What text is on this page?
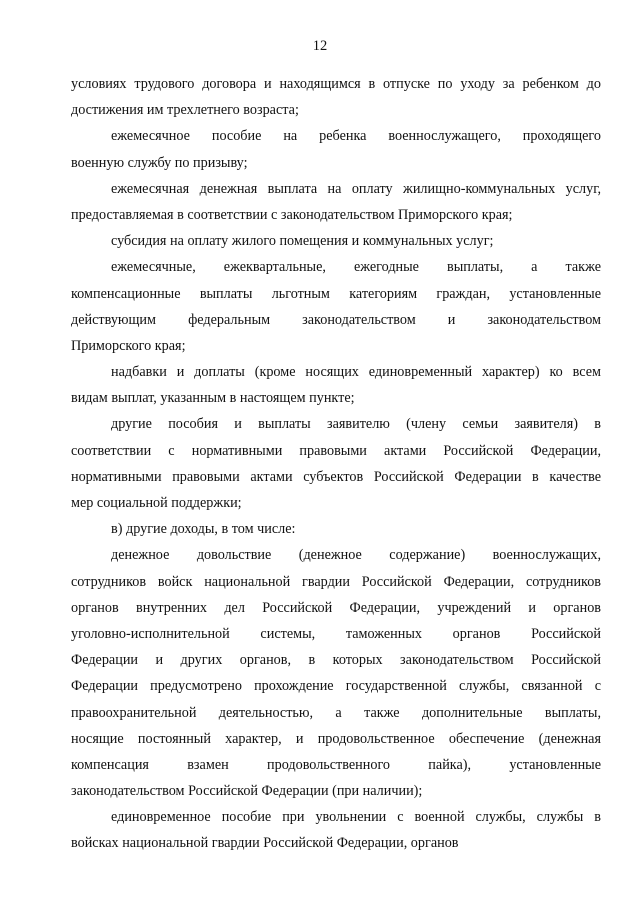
12
условиях трудового договора и находящимся в отпуске по уходу за ребенком до
достижения им трехлетнего возраста;
ежемесячное пособие на ребенка военнослужащего, проходящего
военную службу по призыву;
ежемесячная денежная выплата на оплату жилищно-коммунальных услуг,
предоставляемая в соответствии с законодательством Приморского края;
субсидия на оплату жилого помещения и коммунальных услуг;
ежемесячные, ежеквартальные, ежегодные выплаты, а также
компенсационные выплаты льготным категориям граждан, установленные
действующим федеральным законодательством и законодательством
Приморского края;
надбавки и доплаты (кроме носящих единовременный характер) ко всем
видам выплат, указанным в настоящем пункте;
другие пособия и выплаты заявителю (члену семьи заявителя) в
соответствии с нормативными правовыми актами Российской Федерации,
нормативными правовыми актами субъектов Российской Федерации в качестве
мер социальной поддержки;
в) другие доходы, в том числе:
денежное довольствие (денежное содержание) военнослужащих,
сотрудников войск национальной гвардии Российской Федерации, сотрудников
органов внутренних дел Российской Федерации, учреждений и органов
уголовно-исполнительной системы, таможенных органов Российской
Федерации и других органов, в которых законодательством Российской
Федерации предусмотрено прохождение государственной службы, связанной с
правоохранительной деятельностью, а также дополнительные выплаты,
носящие постоянный характер, и продовольственное обеспечение (денежная
компенсация взамен продовольственного пайка), установленные
законодательством Российской Федерации (при наличии);
единовременное пособие при увольнении с военной службы, службы в
войсках национальной гвардии Российской Федерации, органов
